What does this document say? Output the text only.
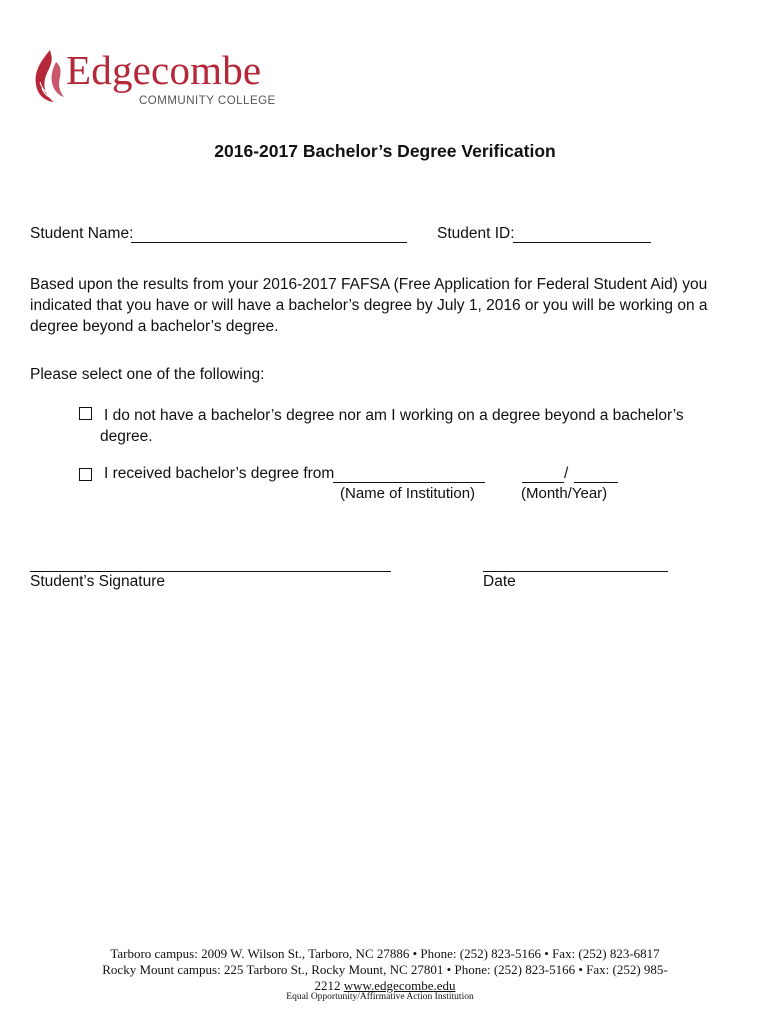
Edgecombe
COMMUNITY COLLEGE
2016-2017 Bachelor’s Degree Verification
Student Name:	Student ID:
Based upon the results from your 2016-2017 FAFSA (Free Application for Federal Student Aid) you indicated that you have or will have a bachelor’s degree by July 1, 2016 or you will be working on a degree beyond a bachelor’s degree.
Please select one of the following:
I do not have a bachelor’s degree nor am I working on a degree beyond a bachelor’s degree.
I received bachelor’s degree from	/
(Name of Institution)	(Month/Year)
Student’s Signature	Date
Tarboro campus: 2009 W. Wilson St., Tarboro, NC 27886 • Phone: (252) 823-5166 • Fax: (252) 823-6817
Rocky Mount campus: 225 Tarboro St., Rocky Mount, NC 27801 • Phone: (252) 823-5166 • Fax: (252) 985-
2212 www.edgecombe.edu
Equal Opportunity/Affirmative Action Institution
